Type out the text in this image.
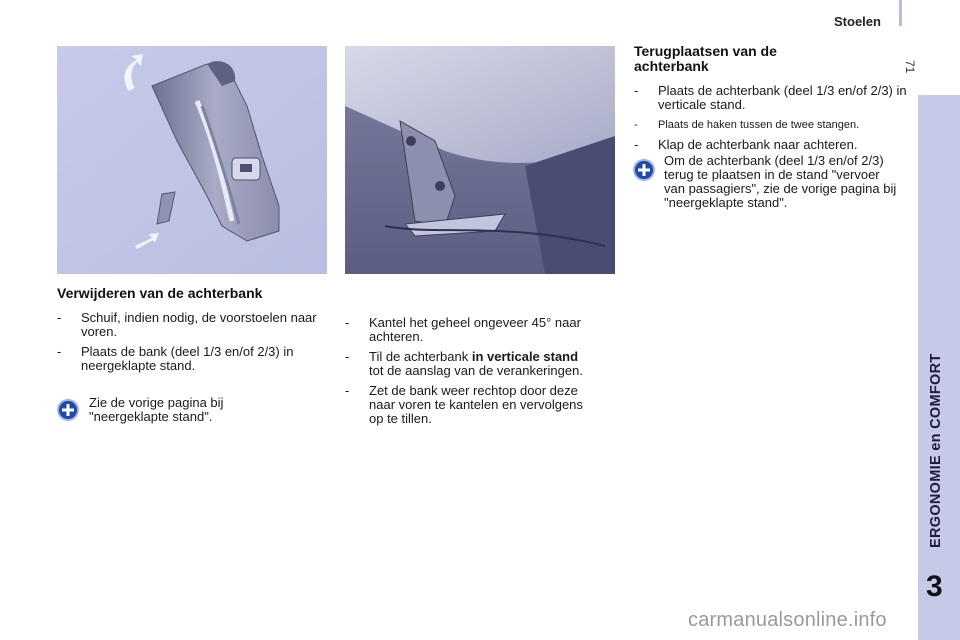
Stoelen
71
ERGONOMIE en COMFORT
3
Verwijderen van de achterbank
- Schuif, indien nodig, de voorstoelen naar voren.
- Plaats de bank (deel 1/3 en/of 2/3) in neergeklapte stand.
Zie de vorige pagina bij "neergeklapte stand".
- Kantel het geheel ongeveer 45° naar achteren.
- Til de achterbank in verticale stand tot de aanslag van de verankeringen.
- Zet de bank weer rechtop door deze naar voren te kantelen en vervolgens op te tillen.
Terugplaatsen van de achterbank
- Plaats de achterbank (deel 1/3 en/of 2/3) in verticale stand.
- Plaats de haken tussen de twee stangen.
- Klap de achterbank naar achteren.
Om de achterbank (deel 1/3 en/of 2/3) terug te plaatsen in de stand "vervoer van passagiers", zie de vorige pagina bij "neergeklapte stand".
carmanualsonline.info
